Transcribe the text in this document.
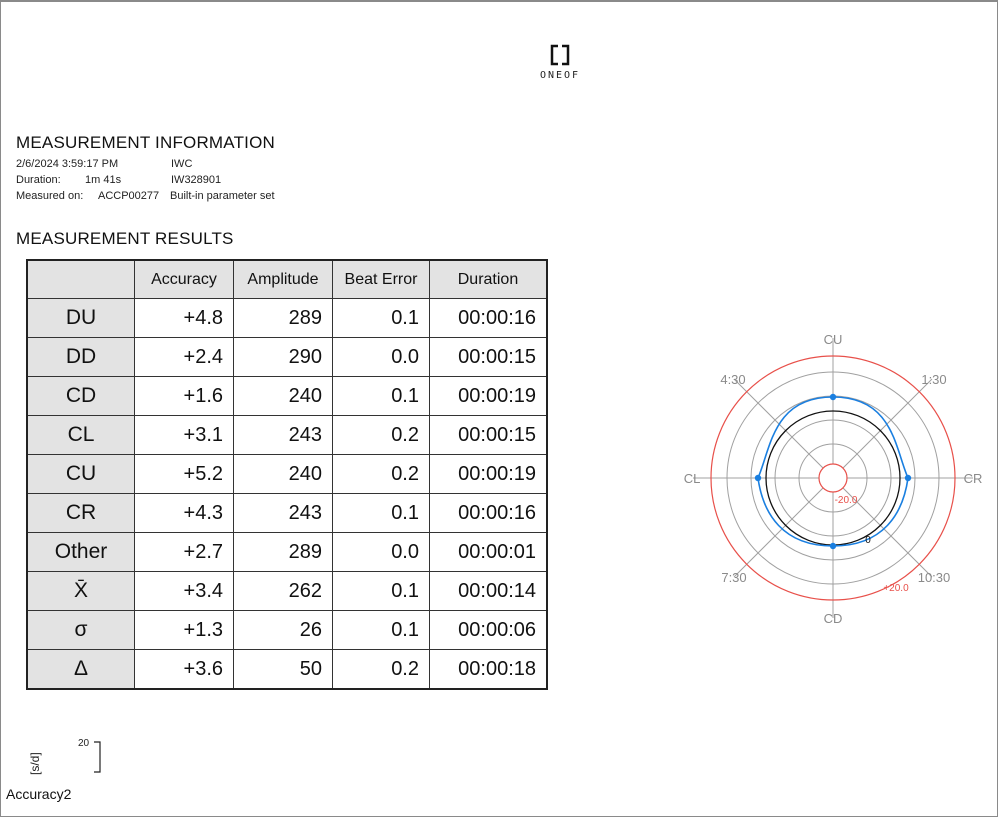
ONEOF
MEASUREMENT INFORMATION
2/6/2024 3:59:17 PM	IWC
Duration:	1m 41s	IW328901
Measured on:	ACCP00277 Built-in parameter set
MEASUREMENT RESULTS
	Accuracy	Amplitude	Beat Error	Duration
DU	+4.8	289	0.1	00:00:16
DD	+2.4	290	0.0	00:00:15
CD	+1.6	240	0.1	00:00:19
CL	+3.1	243	0.2	00:00:15
CU	+5.2	240	0.2	00:00:19
CR	+4.3	243	0.1	00:00:16
Other	+2.7	289	0.0	00:00:01
X̄	+3.4	262	0.1	00:00:14
σ	+1.3	26	0.1	00:00:06
Δ	+3.6	50	0.2	00:00:18
CU
1:30
CR
10:30
CD
7:30
CL
4:30
-20.0
+20.0
0
20
[s/d]
Accuracy2
